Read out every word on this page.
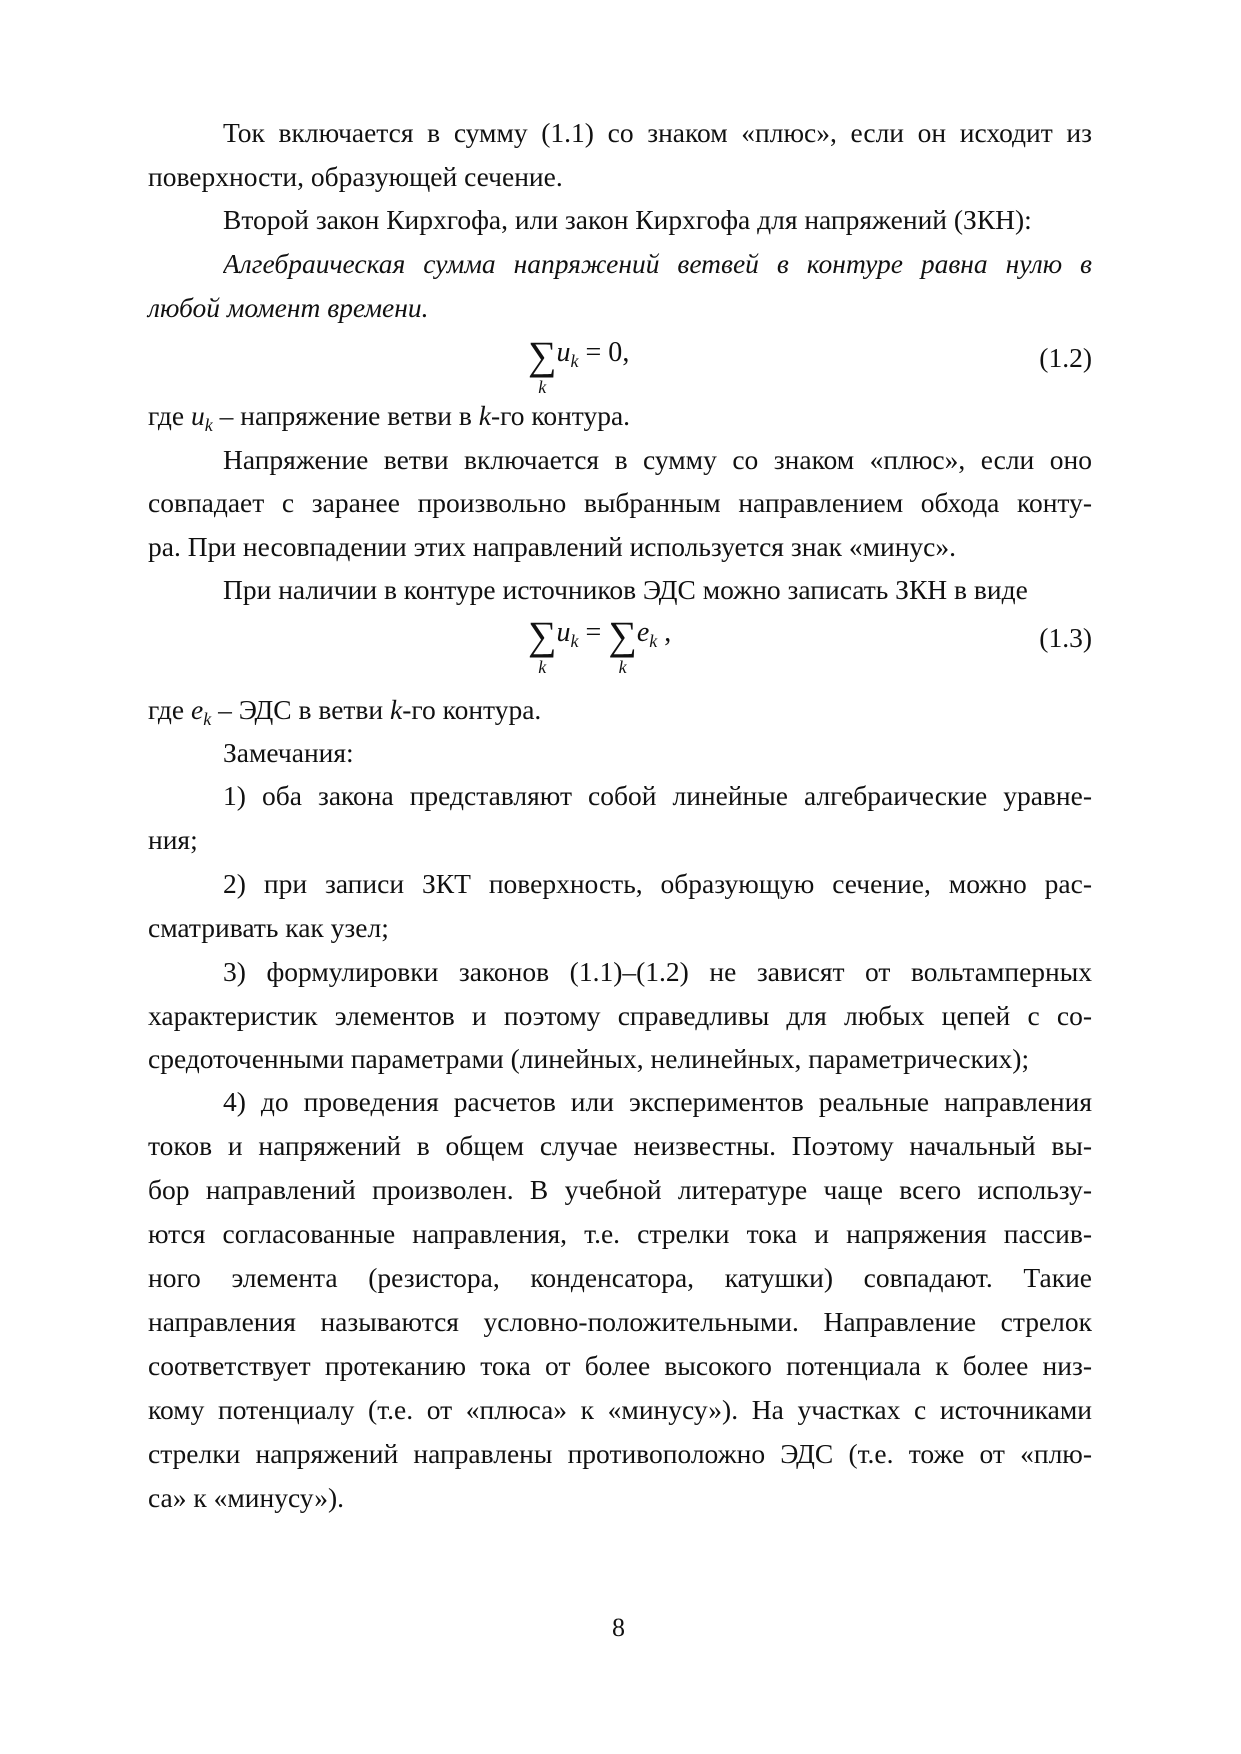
Ток включается в сумму (1.1) со знаком «плюс», если он исходит из
поверхности, образующей сечение.
Второй закон Кирхгофа, или закон Кирхгофа для напряжений (ЗКН):
Алгебраическая сумма напряжений ветвей в контуре равна нулю в
любой момент времени.
∑
k
$u_k = 0$,	(1.2)
где $u_k$ – напряжение ветви в k-го контура.
Напряжение ветви включается в сумму со знаком «плюс», если оно
совпадает с заранее произвольно выбранным направлением обхода конту-
ра. При несовпадении этих направлений используется знак «минус».
При наличии в контуре источников ЭДС можно записать ЗКН в виде
∑
k
$u_k$ = ∑
k
$e_k$ ,	(1.3)
где $e_k$ – ЭДС в ветви k-го контура.
Замечания:
1) оба закона представляют собой линейные алгебраические уравне-
ния;
2) при записи ЗКТ поверхность, образующую сечение, можно рас-
сматривать как узел;
3) формулировки законов (1.1)–(1.2) не зависят от вольтамперных
характеристик элементов и поэтому справедливы для любых цепей с со-
средоточенными параметрами (линейных, нелинейных, параметрических);
4) до проведения расчетов или экспериментов реальные направления
токов и напряжений в общем случае неизвестны. Поэтому начальный вы-
бор направлений произволен. В учебной литературе чаще всего использу-
ются согласованные направления, т.е. стрелки тока и напряжения пассив-
ного элемента (резистора, конденсатора, катушки) совпадают. Такие
направления называются условно-положительными. Направление стрелок
соответствует протеканию тока от более высокого потенциала к более низ-
кому потенциалу (т.е. от «плюса» к «минусу»). На участках с источниками
стрелки напряжений направлены противоположно ЭДС (т.е. тоже от «плю-
са» к «минусу»).
8
